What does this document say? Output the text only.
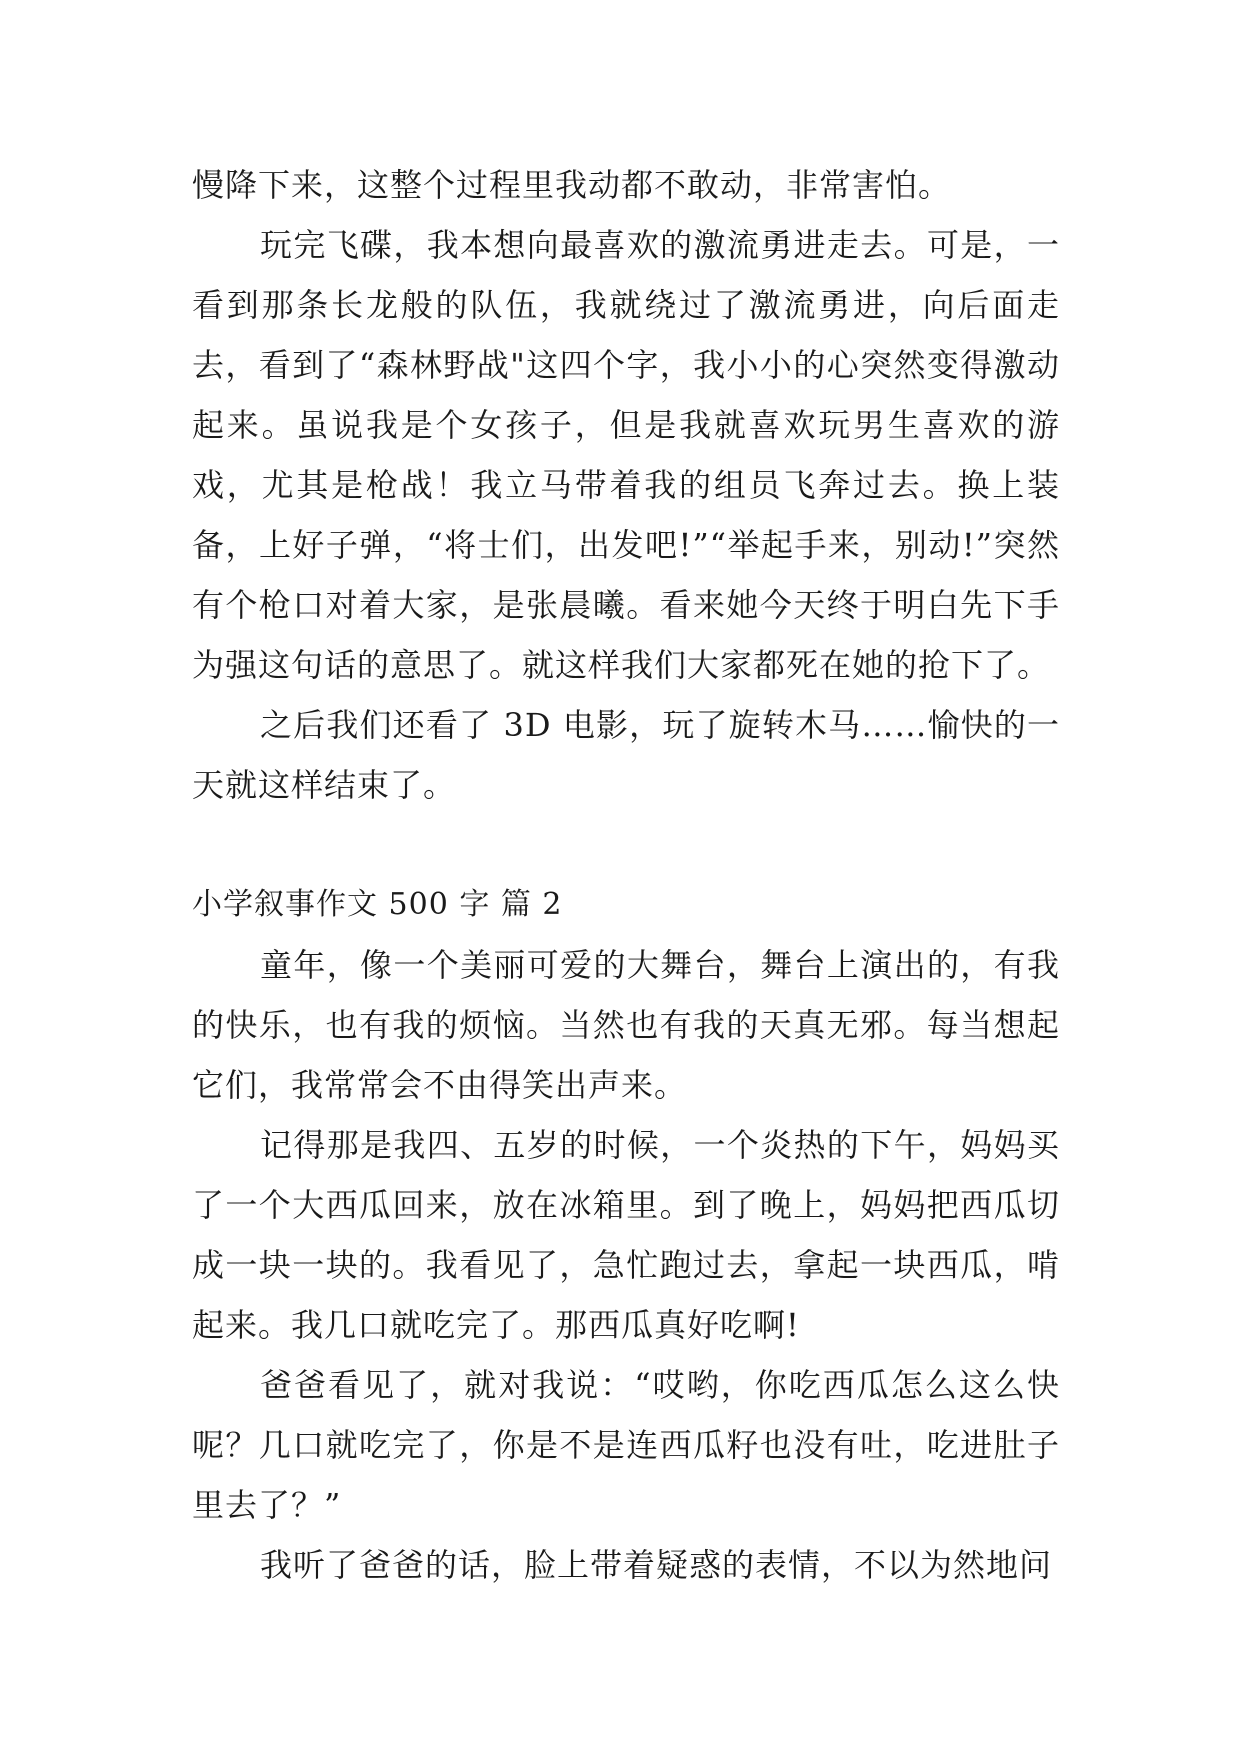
慢降下来，这整个过程里我动都不敢动，非常害怕。

玩完飞碟，我本想向最喜欢的激流勇进走去。可是，一看到那条长龙般的队伍，我就绕过了激流勇进，向后面走去，看到了“森林野战"这四个字，我小小的心突然变得激动起来。虽说我是个女孩子，但是我就喜欢玩男生喜欢的游戏，尤其是枪战！我立马带着我的组员飞奔过去。换上装备，上好子弹，“将士们，出发吧!”“举起手来，别动!”突然有个枪口对着大家，是张晨曦。看来她今天终于明白先下手为强这句话的意思了。就这样我们大家都死在她的抢下了。

之后我们还看了 3D 电影，玩了旋转木马……愉快的一天就这样结束了。

小学叙事作文 500 字 篇 2

童年，像一个美丽可爱的大舞台，舞台上演出的，有我的快乐，也有我的烦恼。当然也有我的天真无邪。每当想起它们，我常常会不由得笑出声来。

记得那是我四、五岁的时候，一个炎热的下午，妈妈买了一个大西瓜回来，放在冰箱里。到了晚上，妈妈把西瓜切成一块一块的。我看见了，急忙跑过去，拿起一块西瓜，啃起来。我几口就吃完了。那西瓜真好吃啊!

爸爸看见了，就对我说：“哎哟，你吃西瓜怎么这么快呢？几口就吃完了，你是不是连西瓜籽也没有吐，吃进肚子里去了？”

我听了爸爸的话，脸上带着疑惑的表情，不以为然地问
